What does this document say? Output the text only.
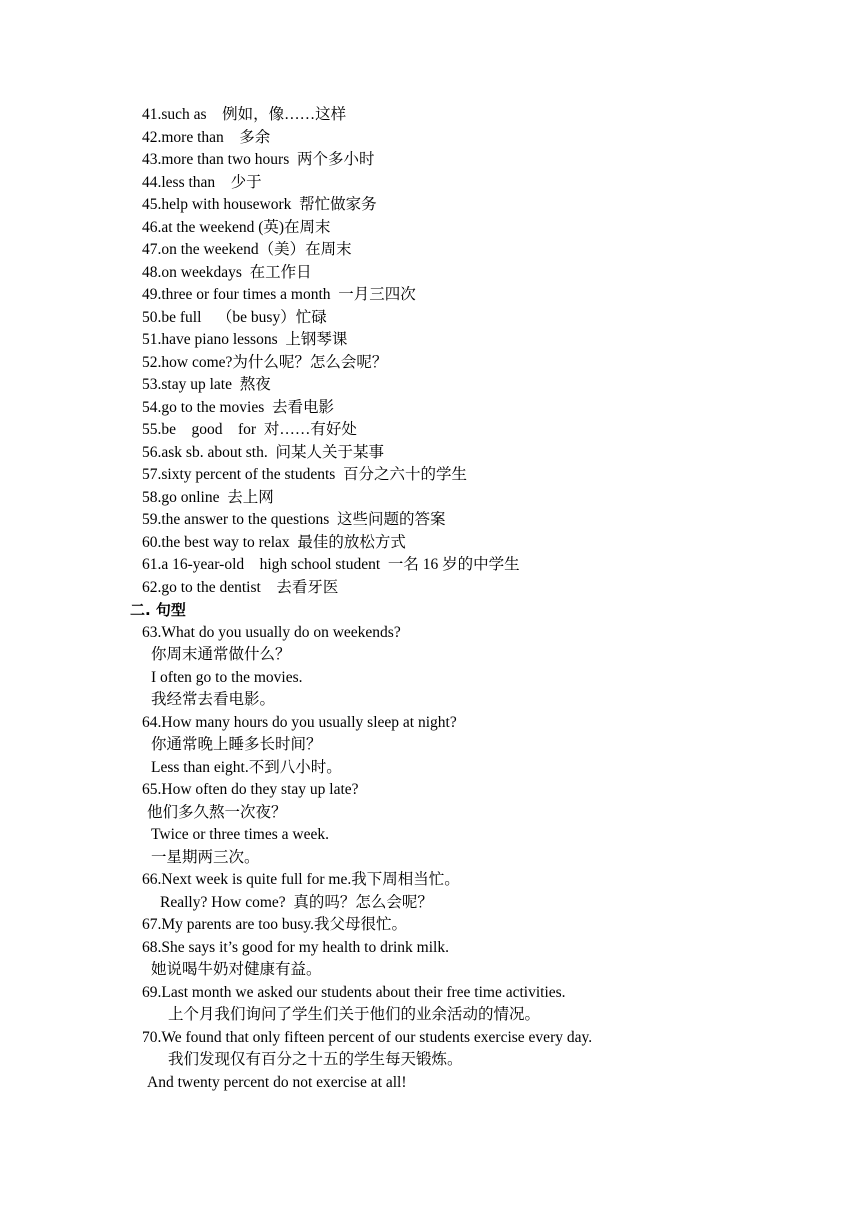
41.such as    例如，像……这样
42.more than    多余
43.more than two hours  两个多小时
44.less than    少于
45.help with housework  帮忙做家务
46.at the weekend (英)在周末
47.on the weekend（美）在周末
48.on weekdays  在工作日
49.three or four times a month  一月三四次
50.be full    （be busy）忙碌
51.have piano lessons  上钢琴课
52.how come?为什么呢？怎么会呢？
53.stay up late  熬夜
54.go to the movies  去看电影
55.be    good    for  对……有好处
56.ask sb. about sth.  问某人关于某事
57.sixty percent of the students  百分之六十的学生
58.go online  去上网
59.the answer to the questions  这些问题的答案
60.the best way to relax  最佳的放松方式
61.a 16-year-old    high school student  一名 16 岁的中学生
62.go to the dentist    去看牙医
二. 句型
63.What do you usually do on weekends?
你周末通常做什么？
I often go to the movies.
我经常去看电影。
64.How many hours do you usually sleep at night?
你通常晚上睡多长时间？
Less than eight.不到八小时。
65.How often do they stay up late?
他们多久熬一次夜？
Twice or three times a week.
一星期两三次。
66.Next week is quite full for me.我下周相当忙。
Really? How come?  真的吗？怎么会呢？
67.My parents are too busy.我父母很忙。
68.She says it’s good for my health to drink milk.
她说喝牛奶对健康有益。
69.Last month we asked our students about their free time activities.
上个月我们询问了学生们关于他们的业余活动的情况。
70.We found that only fifteen percent of our students exercise every day.
我们发现仅有百分之十五的学生每天锻炼。
And twenty percent do not exercise at all!
